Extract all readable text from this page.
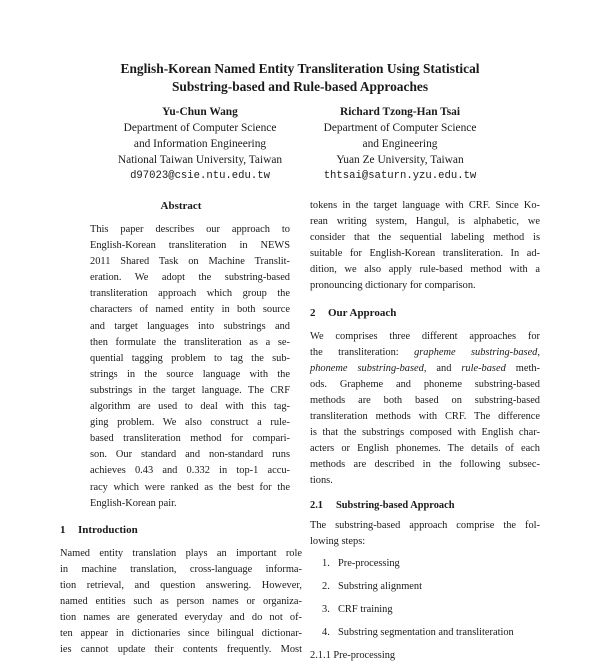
English-Korean Named Entity Transliteration Using Statistical
Substring-based and Rule-based Approaches
Yu-Chun Wang
Department of Computer Science
and Information Engineering
National Taiwan University, Taiwan
d97023@csie.ntu.edu.tw
Richard Tzong-Han Tsai
Department of Computer Science
and Engineering
Yuan Ze University, Taiwan
thtsai@saturn.yzu.edu.tw
Abstract
This paper describes our approach to
English-Korean transliteration in NEWS
2011 Shared Task on Machine Translit-
eration. We adopt the substring-based
transliteration approach which group the
characters of named entity in both source
and target languages into substrings and
then formulate the transliteration as a se-
quential tagging problem to tag the sub-
strings in the source language with the
substrings in the target language. The CRF
algorithm are used to deal with this tag-
ging problem. We also construct a rule-
based transliteration method for compari-
son. Our standard and non-standard runs
achieves 0.43 and 0.332 in top-1 accu-
racy which were ranked as the best for the
English-Korean pair.
1 Introduction
Named entity translation plays an important role
in machine translation, cross-language informa-
tion retrieval, and question answering. However,
named entities such as person names or organiza-
tion names are generated everyday and do not of-
ten appear in dictionaries since bilingual dictionar-
ies cannot update their contents frequently. Most
tokens in the target language with CRF. Since Ko-
rean writing system, Hangul, is alphabetic, we
consider that the sequential labeling method is
suitable for English-Korean transliteration. In ad-
dition, we also apply rule-based method with a
pronouncing dictionary for comparison.
2 Our Approach
We comprises three different approaches for
the transliteration: grapheme substring-based,
phoneme substring-based, and rule-based meth-
ods. Grapheme and phoneme substring-based
methods are both based on substring-based
transliteration methods with CRF. The difference
is that the substrings composed with English char-
acters or English phonemes. The details of each
methods are described in the following subsec-
tions.
2.1 Substring-based Approach
The substring-based approach comprise the fol-
lowing steps:
1. Pre-processing
2. Substring alignment
3. CRF training
4. Substring segmentation and transliteration
2.1.1 Pre-processing
